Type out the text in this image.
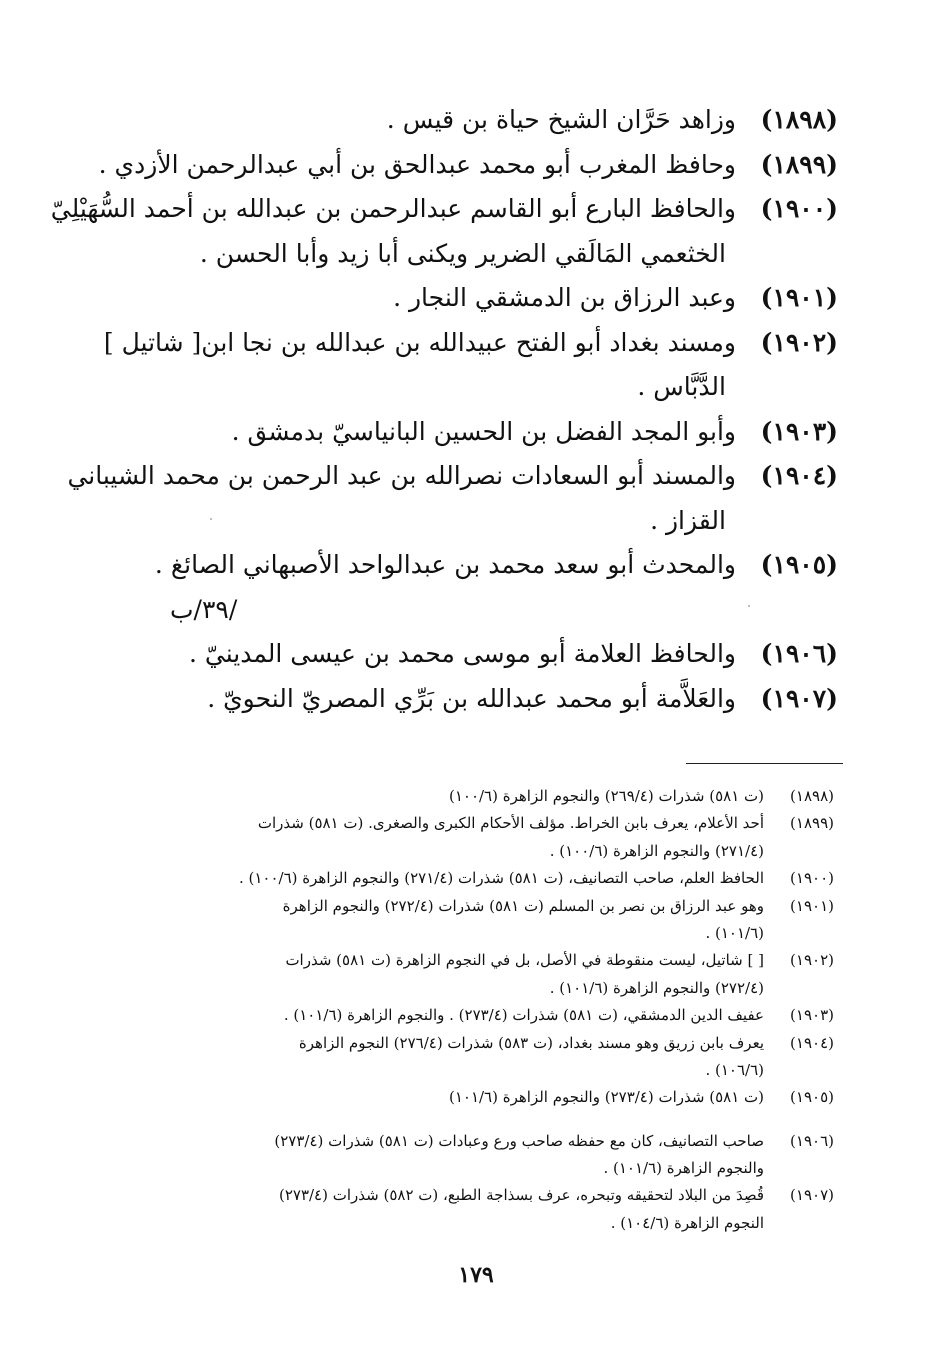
(١٨٩٨)
وزاهد حَرَّان الشيخ حياة بن قيس .
(١٨٩٩)
وحافظ المغرب أبو محمد عبدالحق بن أبي عبدالرحمن الأزدي .
(١٩٠٠)
والحافظ البارع أبو القاسم عبدالرحمن بن عبدالله بن أحمد السُّهَيْلِيّ
الخثعمي المَالَقي الضرير ويكنى أبا زيد وأبا الحسن .
(١٩٠١)
وعبد الرزاق بن الدمشقي النجار .
(١٩٠٢)
ومسند بغداد أبو الفتح عبيدالله بن عبدالله بن نجا ابن[ شاتيل ]
الدَّبَّاس .
(١٩٠٣)
وأبو المجد الفضل بن الحسين البانياسيّ بدمشق .
(١٩٠٤)
والمسند أبو السعادات نصرالله بن عبد الرحمن بن محمد الشيباني
القزاز .
(١٩٠٥)
والمحدث أبو سعد محمد بن عبدالواحد الأصبهاني الصائغ .
/٣٩/ب
(١٩٠٦)
والحافظ العلامة أبو موسى محمد بن عيسى المدينيّ .
(١٩٠٧)
والعَلاَّمة أبو محمد عبدالله بن بَرِّي المصريّ النحويّ .
(١٨٩٨)
(ت ٥٨١) شذرات (٢٦٩/٤) والنجوم الزاهرة (١٠٠/٦)
(١٨٩٩)
أحد الأعلام، يعرف بابن الخراط. مؤلف الأحكام الكبرى والصغرى. (ت ٥٨١) شذرات
(٢٧١/٤) والنجوم الزاهرة (١٠٠/٦) .
(١٩٠٠)
الحافظ العلم، صاحب التصانيف، (ت ٥٨١) شذرات (٢٧١/٤) والنجوم الزاهرة (١٠٠/٦) .
(١٩٠١)
وهو عبد الرزاق بن نصر بن المسلم (ت ٥٨١) شذرات (٢٧٢/٤) والنجوم الزاهرة
(١٠١/٦) .
(١٩٠٢)
[ ] شاتيل، ليست منقوطة في الأصل، بل في النجوم الزاهرة (ت ٥٨١) شذرات
(٢٧٢/٤) والنجوم الزاهرة (١٠١/٦) .
(١٩٠٣)
عفيف الدين الدمشقي، (ت ٥٨١) شذرات (٢٧٣/٤) . والنجوم الزاهرة (١٠١/٦) .
(١٩٠٤)
يعرف بابن زريق وهو مسند بغداد، (ت ٥٨٣) شذرات (٢٧٦/٤) النجوم الزاهرة
(١٠٦/٦) .
(١٩٠٥)
(ت ٥٨١) شذرات (٢٧٣/٤) والنجوم الزاهرة (١٠١/٦)
(١٩٠٦)
صاحب التصانيف، كان مع حفظه صاحب ورع وعبادات (ت ٥٨١) شذرات (٢٧٣/٤)
والنجوم الزاهرة (١٠١/٦) .
(١٩٠٧)
قُصِدَ من البلاد لتحقيقه وتبحره، عرف بسذاجة الطبع، (ت ٥٨٢) شذرات (٢٧٣/٤)
النجوم الزاهرة (١٠٤/٦) .
١٧٩
